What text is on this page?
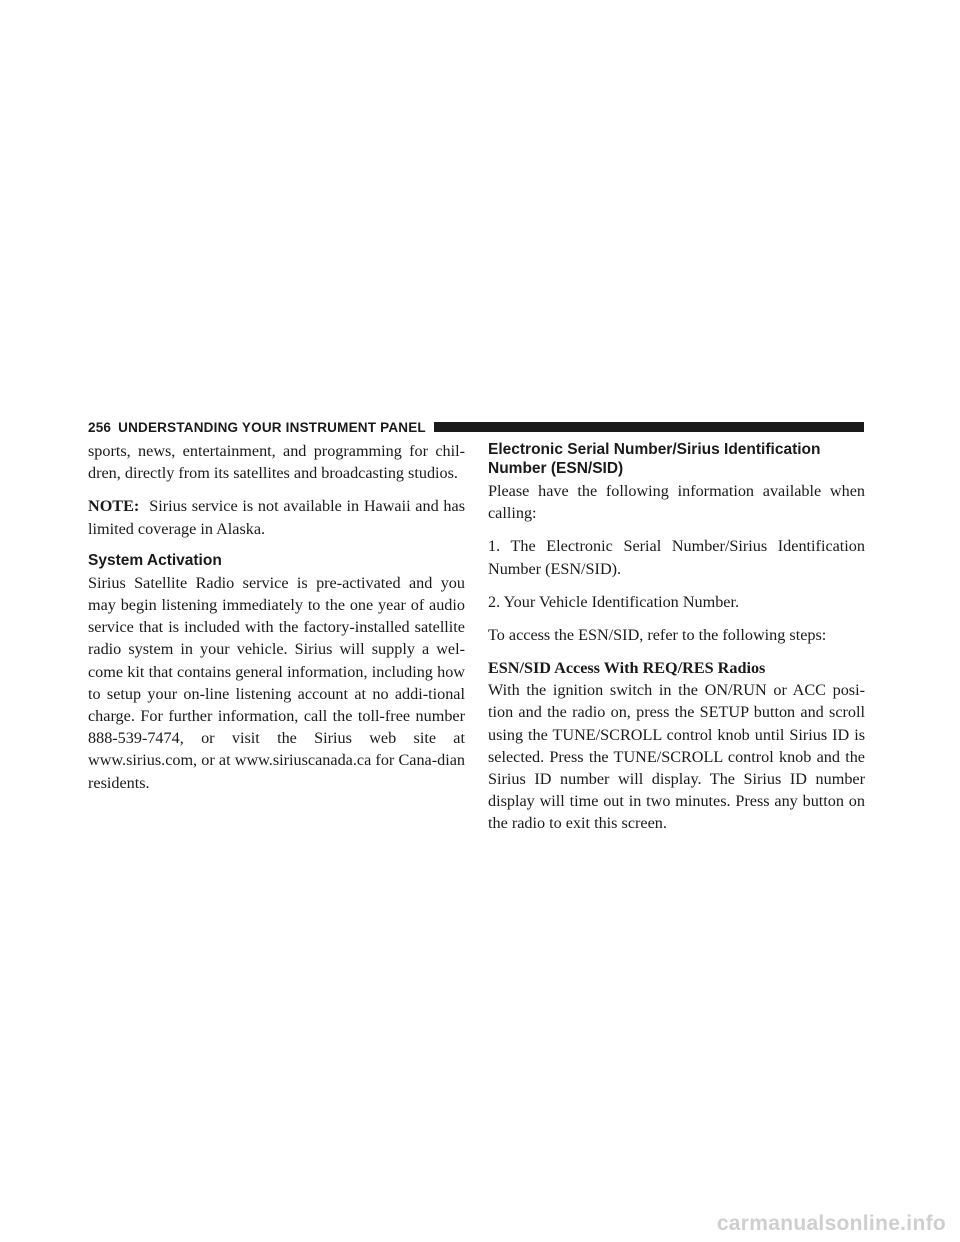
256 UNDERSTANDING YOUR INSTRUMENT PANEL

sports, news, entertainment, and programming for chil-dren, directly from its satellites and broadcasting studios.

NOTE: Sirius service is not available in Hawaii and has limited coverage in Alaska.

System Activation

Sirius Satellite Radio service is pre-activated and you may begin listening immediately to the one year of audio service that is included with the factory-installed satellite radio system in your vehicle. Sirius will supply a wel-come kit that contains general information, including how to setup your on-line listening account at no addi-tional charge. For further information, call the toll-free number 888-539-7474, or visit the Sirius web site at www.sirius.com, or at www.siriuscanada.ca for Cana-dian residents.

Electronic Serial Number/Sirius Identification Number (ESN/SID)

Please have the following information available when calling:

1. The Electronic Serial Number/Sirius Identification Number (ESN/SID).

2. Your Vehicle Identification Number.

To access the ESN/SID, refer to the following steps:

ESN/SID Access With REQ/RES Radios

With the ignition switch in the ON/RUN or ACC posi-tion and the radio on, press the SETUP button and scroll using the TUNE/SCROLL control knob until Sirius ID is selected. Press the TUNE/SCROLL control knob and the Sirius ID number will display. The Sirius ID number display will time out in two minutes. Press any button on the radio to exit this screen.

carmanualsonline.info
